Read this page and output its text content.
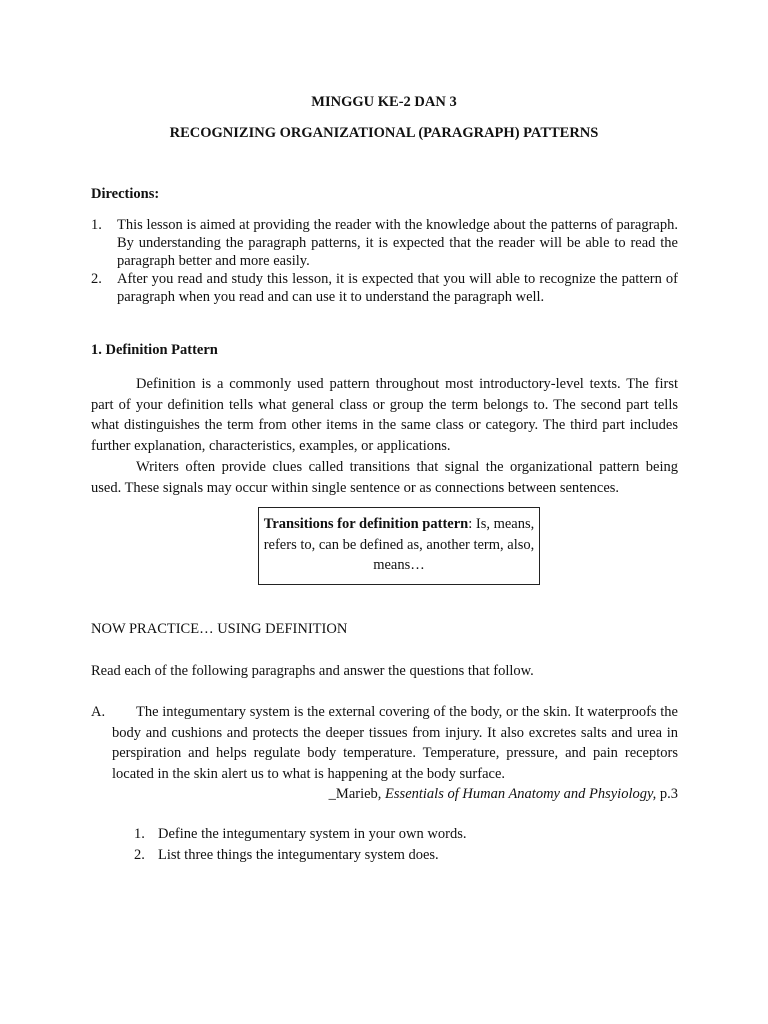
MINGGU KE-2 DAN 3
RECOGNIZING ORGANIZATIONAL (PARAGRAPH) PATTERNS
Directions:
1. This lesson is aimed at providing the reader with the knowledge about the patterns of paragraph. By understanding the paragraph patterns, it is expected that the reader will be able to read the paragraph better and more easily.
2. After you read and study this lesson, it is expected that you will able to recognize the pattern of paragraph when you read and can use it to understand the paragraph well.
1. Definition Pattern

Definition is a commonly used pattern throughout most introductory-level texts. The first part of your definition tells what general class or group the term belongs to. The second part tells what distinguishes the term from other items in the same class or category. The third part includes further explanation, characteristics, examples, or applications.

Writers often provide clues called transitions that signal the organizational pattern being used. These signals may occur within single sentence or as connections between sentences.

Transitions for definition pattern: Is, means, refers to, can be defined as, another term, also, means…
NOW PRACTICE… USING DEFINITION
Read each of the following paragraphs and answer the questions that follow.
A.	The integumentary system is the external covering of the body, or the skin. It waterproofs the body and cushions and protects the deeper tissues from injury. It also excretes salts and urea in perspiration and helps regulate body temperature. Temperature, pressure, and pain receptors located in the skin alert us to what is happening at the body surface.
_Marieb, Essentials of Human Anatomy and Phsyiology, p.3
1. Define the integumentary system in your own words.
2. List three things the integumentary system does.
